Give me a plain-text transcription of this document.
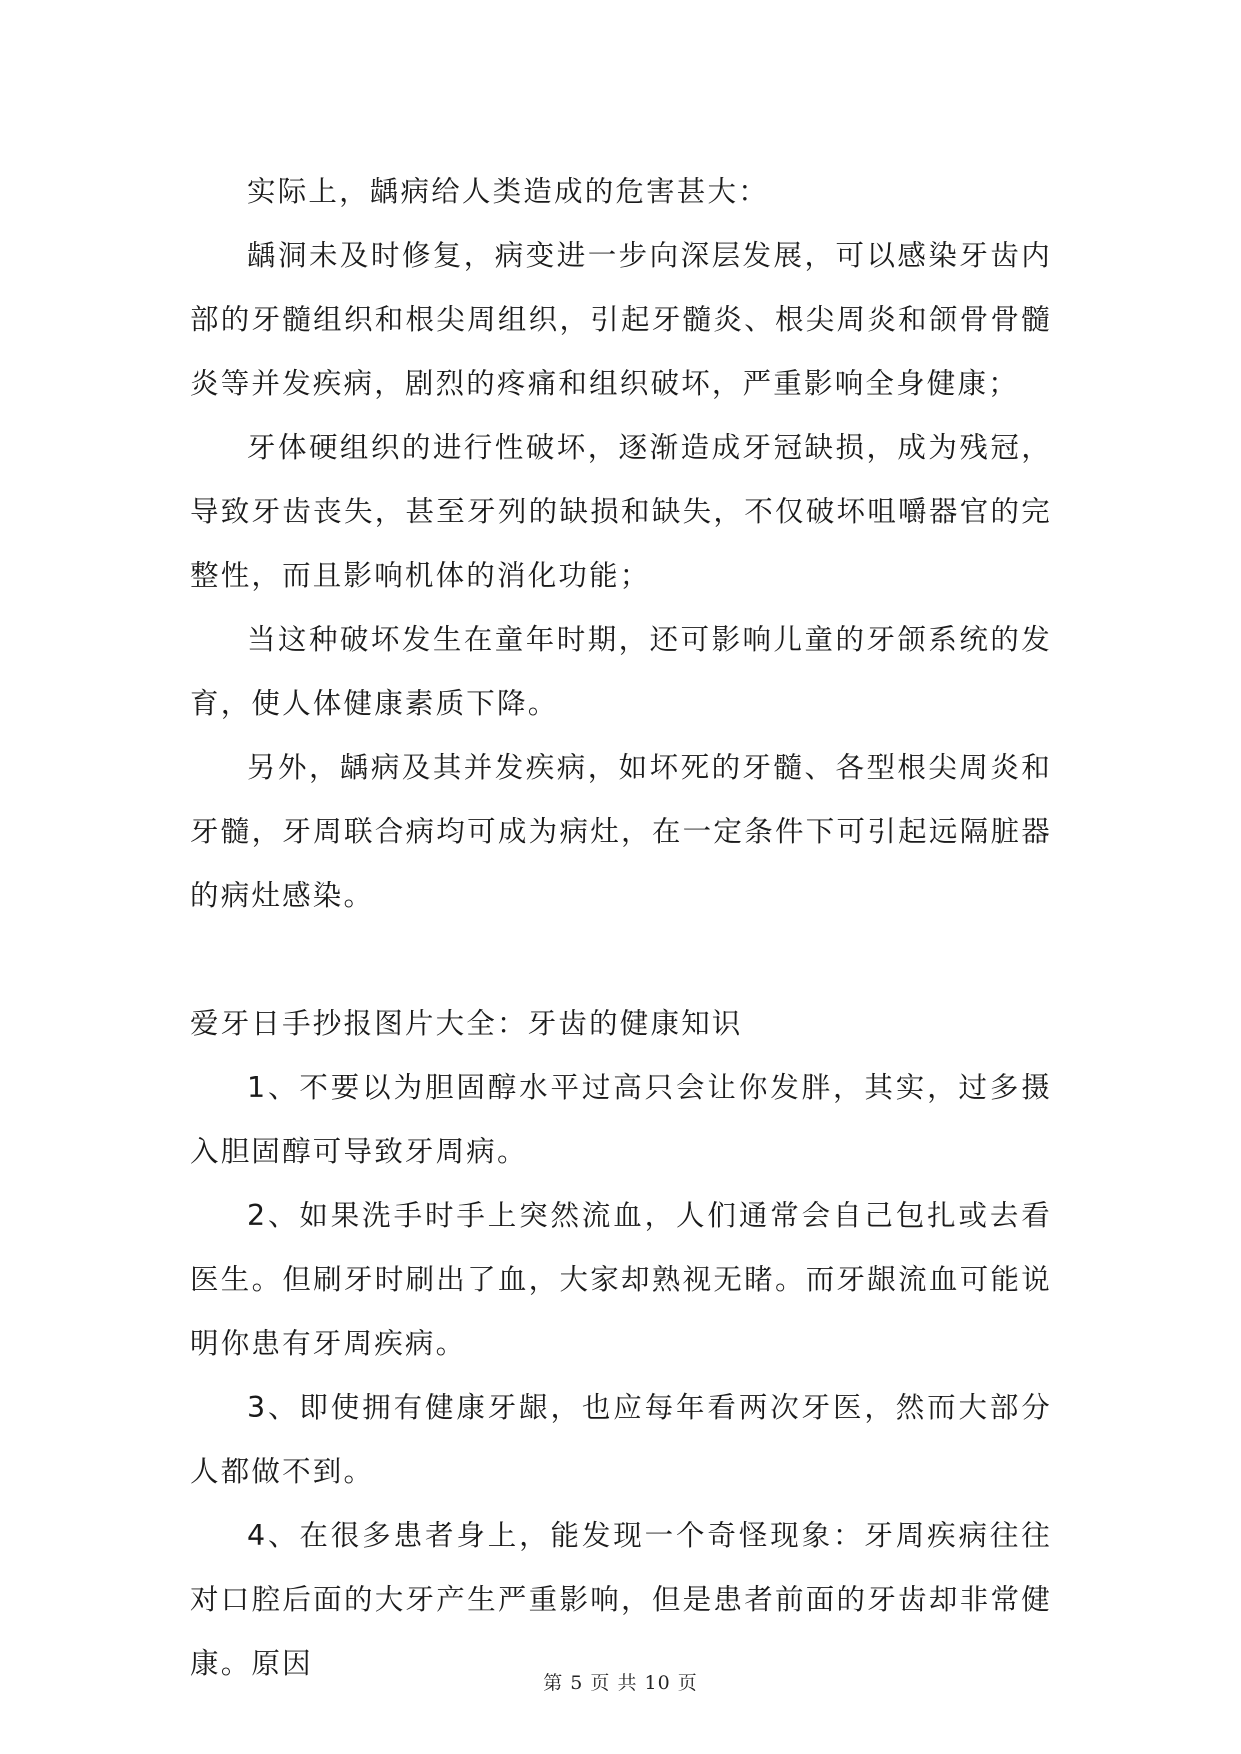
实际上，龋病给人类造成的危害甚大：

龋洞未及时修复，病变进一步向深层发展，可以感染牙齿内部的牙髓组织和根尖周组织，引起牙髓炎、根尖周炎和颌骨骨髓炎等并发疾病，剧烈的疼痛和组织破坏，严重影响全身健康；

牙体硬组织的进行性破坏，逐渐造成牙冠缺损，成为残冠，导致牙齿丧失，甚至牙列的缺损和缺失，不仅破坏咀嚼器官的完整性，而且影响机体的消化功能；

当这种破坏发生在童年时期，还可影响儿童的牙颌系统的发育，使人体健康素质下降。

另外，龋病及其并发疾病，如坏死的牙髓、各型根尖周炎和牙髓，牙周联合病均可成为病灶，在一定条件下可引起远隔脏器的病灶感染。

爱牙日手抄报图片大全：牙齿的健康知识

1、不要以为胆固醇水平过高只会让你发胖，其实，过多摄入胆固醇可导致牙周病。

2、如果洗手时手上突然流血，人们通常会自己包扎或去看医生。但刷牙时刷出了血，大家却熟视无睹。而牙龈流血可能说明你患有牙周疾病。

3、即使拥有健康牙龈，也应每年看两次牙医，然而大部分人都做不到。

4、在很多患者身上，能发现一个奇怪现象：牙周疾病往往对口腔后面的大牙产生严重影响，但是患者前面的牙齿却非常健康。原因

第 5 页 共 10 页
